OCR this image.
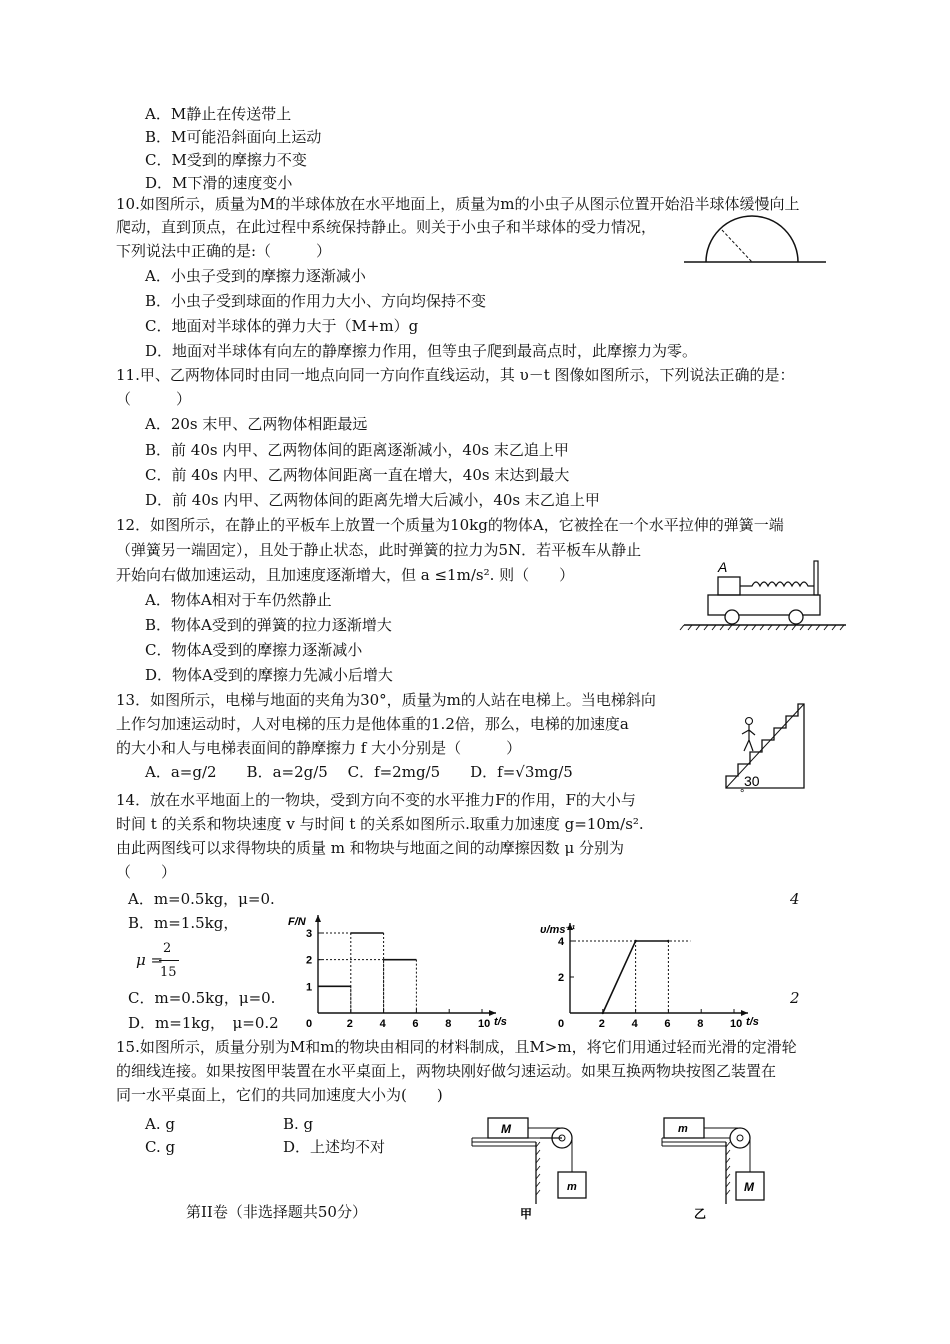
A．M静止在传送带上
B．M可能沿斜面向上运动
C．M受到的摩擦力不变
D．M下滑的速度变小
10.如图所示，质量为M的半球体放在水平地面上，质量为m的小虫子从图示位置开始沿半球体缓慢向上
爬动，直到顶点，在此过程中系统保持静止。则关于小虫子和半球体的受力情况，
下列说法中正确的是:（　　　）
A．小虫子受到的摩擦力逐渐减小
B．小虫子受到球面的作用力大小、方向均保持不变
C．地面对半球体的弹力大于（M+m）g
D．地面对半球体有向左的静摩擦力作用，但等虫子爬到最高点时，此摩擦力为零。
11.甲、乙两物体同时由同一地点向同一方向作直线运动，其 υ－t 图像如图所示，下列说法正确的是：
（　　　）
A．20s 末甲、乙两物体相距最远
B．前 40s 内甲、乙两物体间的距离逐渐减小，40s 末乙追上甲
C．前 40s 内甲、乙两物体间距离一直在增大，40s 末达到最大
D．前 40s 内甲、乙两物体间的距离先增大后减小，40s 末乙追上甲
12．如图所示，在静止的平板车上放置一个质量为10kg的物体A，它被拴在一个水平拉伸的弹簧一端
（弹簧另一端固定），且处于静止状态，此时弹簧的拉力为5N．若平板车从静止
开始向右做加速运动，且加速度逐渐增大，但 a ≤1m/s². 则（　　）
A．物体A相对于车仍然静止
B．物体A受到的弹簧的拉力逐渐增大
C．物体A受到的摩擦力逐渐减小
D．物体A受到的摩擦力先减小后增大
A
13．如图所示，电梯与地面的夹角为30°，质量为m的人站在电梯上。当电梯斜向
上作匀加速运动时，人对电梯的压力是他体重的1.2倍，那么，电梯的加速度a
的大小和人与电梯表面间的静摩擦力 f 大小分别是（　　　）
A．a=g/2　　B．a=2g/5　 C．f=2mg/5　　D．f=√3mg/5	30
°
14．放在水平地面上的一物块，受到方向不变的水平推力F的作用，F的大小与
时间 t 的关系和物块速度 v 与时间 t 的关系如图所示.取重力加速度 g=10m/s².
由此两图线可以求得物块的质量 m 和物块与地面之间的动摩擦因数 μ 分别为
（　　）
A．m=0.5kg，μ=0.	4
B．m=1.5kg，
μ =
2
15
C．m=0.5kg，μ=0.	2
D．m=1kg，　μ=0.2
F/N
t/s
0	2 4 6 8 10
1
2
3	υ/ms⁻¹
t/s
0	2 4 6 8 10
2
4
15.如图所示，质量分别为M和m的物块由相同的材料制成，且M>m，将它们用通过轻而光滑的定滑轮
的细线连接。如果按图甲装置在水平桌面上，两物块刚好做匀速运动。如果互换两物块按图乙装置在
同一水平桌面上，它们的共同加速度大小为(　　)
A. g	B. g
C. g	D．上述均不对
M
m
甲
m
M
乙
第II卷（非选择题共50分）
